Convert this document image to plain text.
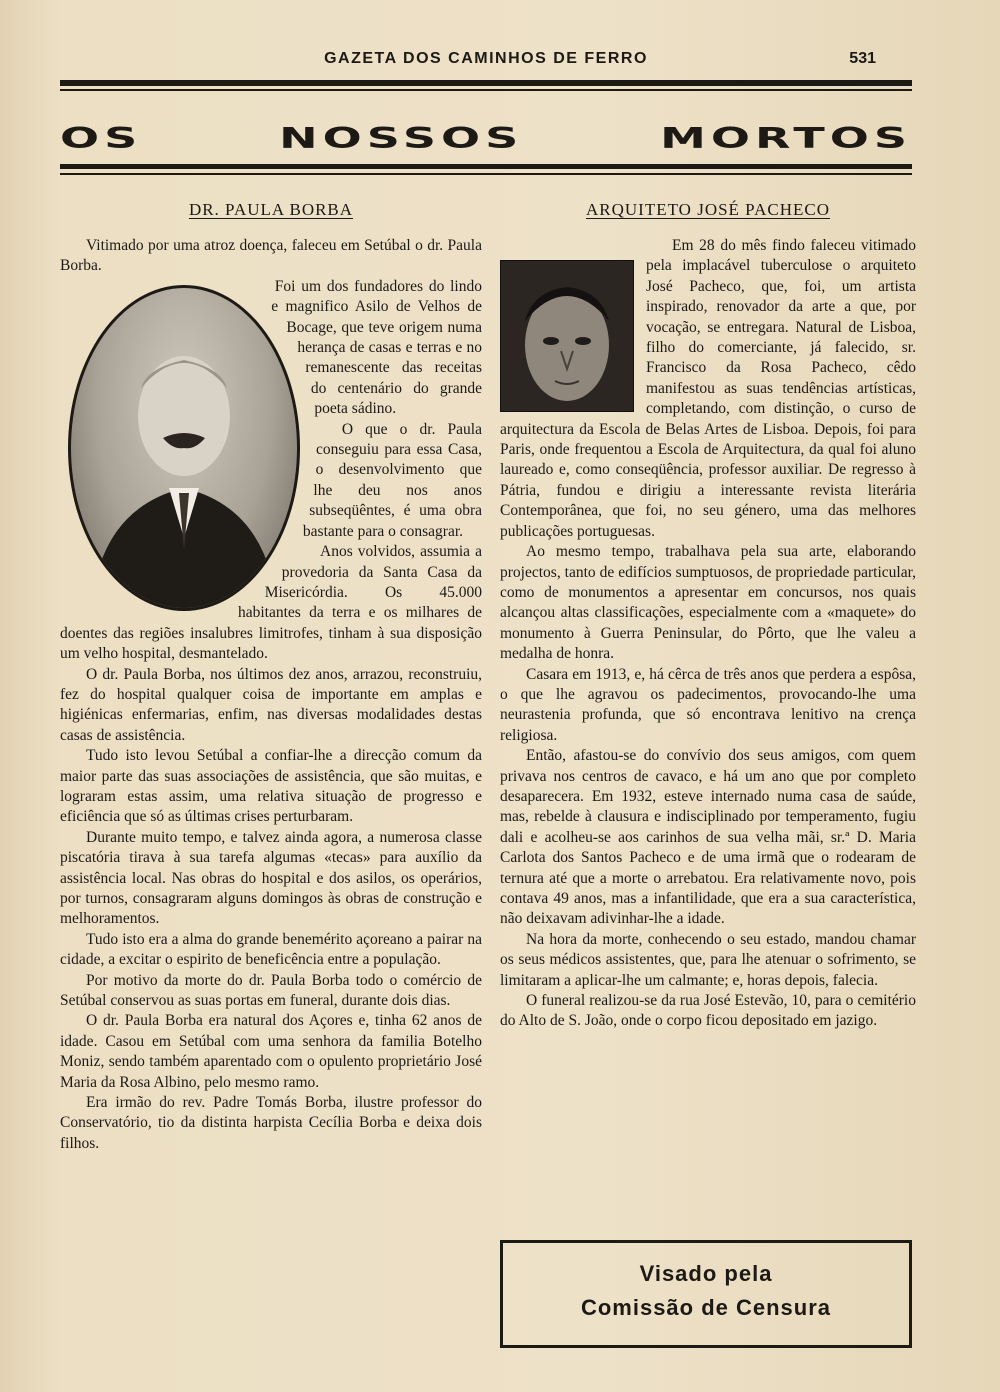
GAZETA DOS CAMINHOS DE FERRO	531
OS NOSSOS MORTOS
DR. PAULA BORBA

Vitimado por uma atroz doença, faleceu em Setúbal o dr. Paula Borba.

Foi um dos fundadores do lindo e magnifico Asilo de Velhos de Bocage, que teve origem numa herança de casas e terras e no remanescente das receitas do centenário do grande poeta sádino.

O que o dr. Paula conseguiu para essa Casa, o desenvolvimento que lhe deu nos anos subseqüêntes, é uma obra bastante para o consagrar.

Anos volvidos, assumia a provedoria da Santa Casa da Misericórdia. Os 45.000 habitantes da terra e os milhares de doentes das regiões insalubres limitrofes, tinham à sua disposição um velho hospital, desmantelado.

O dr. Paula Borba, nos últimos dez anos, arrazou, reconstruiu, fez do hospital qualquer coisa de importante em amplas e higiénicas enfermarias, enfim, nas diversas modalidades destas casas de assistência.

Tudo isto levou Setúbal a confiar-lhe a direcção comum da maior parte das suas associações de assistência, que são muitas, e lograram estas assim, uma relativa situação de progresso e eficiência que só as últimas crises perturbaram.

Durante muito tempo, e talvez ainda agora, a numerosa classe piscatória tirava à sua tarefa algumas «tecas» para auxílio da assistência local. Nas obras do hospital e dos asilos, os operários, por turnos, consagraram alguns domingos às obras de construção e melhoramentos.

Tudo isto era a alma do grande benemérito açoreano a pairar na cidade, a excitar o espirito de beneficência entre a população.

Por motivo da morte do dr. Paula Borba todo o comércio de Setúbal conservou as suas portas em funeral, durante dois dias.

O dr. Paula Borba era natural dos Açores e, tinha 62 anos de idade. Casou em Setúbal com uma senhora da familia Botelho Moniz, sendo também aparentado com o opulento proprietário José Maria da Rosa Albino, pelo mesmo ramo.

Era irmão do rev. Padre Tomás Borba, ilustre professor do Conservatório, tio da distinta harpista Cecília Borba e deixa dois filhos.

ARQUITETO JOSÉ PACHECO

Em 28 do mês findo faleceu vitimado pela implacável tuberculose o arquiteto José Pacheco, que, foi, um artista inspirado, renovador da arte a que, por vocação, se entregara. Natural de Lisboa, filho do comerciante, já falecido, sr. Francisco da Rosa Pacheco, cêdo manifestou as suas tendências artísticas, completando, com distinção, o curso de arquitectura da Escola de Belas Artes de Lisboa. Depois, foi para Paris, onde frequentou a Escola de Arquitectura, da qual foi aluno laureado e, como conseqüência, professor auxiliar. De regresso à Pátria, fundou e dirigiu a interessante revista literária Contemporânea, que foi, no seu género, uma das melhores publicações portuguesas.

Ao mesmo tempo, trabalhava pela sua arte, elaborando projectos, tanto de edifícios sumptuosos, de propriedade particular, como de monumentos a apresentar em concursos, nos quais alcançou altas classificações, especialmente com a «maquete» do monumento à Guerra Peninsular, do Pôrto, que lhe valeu a medalha de honra.

Casara em 1913, e, há cêrca de três anos que perdera a espôsa, o que lhe agravou os padecimentos, provocando-lhe uma neurastenia profunda, que só encontrava lenitivo na crença religiosa.

Então, afastou-se do convívio dos seus amigos, com quem privava nos centros de cavaco, e há um ano que por completo desaparecera. Em 1932, esteve internado numa casa de saúde, mas, rebelde à clausura e indisciplinado por temperamento, fugiu dali e acolheu-se aos carinhos de sua velha mãi, sr.ª D. Maria Carlota dos Santos Pacheco e de uma irmã que o rodearam de ternura até que a morte o arrebatou. Era relativamente novo, pois contava 49 anos, mas a infantilidade, que era a sua característica, não deixavam adivinhar-lhe a idade.

Na hora da morte, conhecendo o seu estado, mandou chamar os seus médicos assistentes, que, para lhe atenuar o sofrimento, se limitaram a aplicar-lhe um calmante; e, horas depois, falecia.

O funeral realizou-se da rua José Estevão, 10, para o cemitério do Alto de S. João, onde o corpo ficou depositado em jazigo.

Visado pela
Comissão de Censura
